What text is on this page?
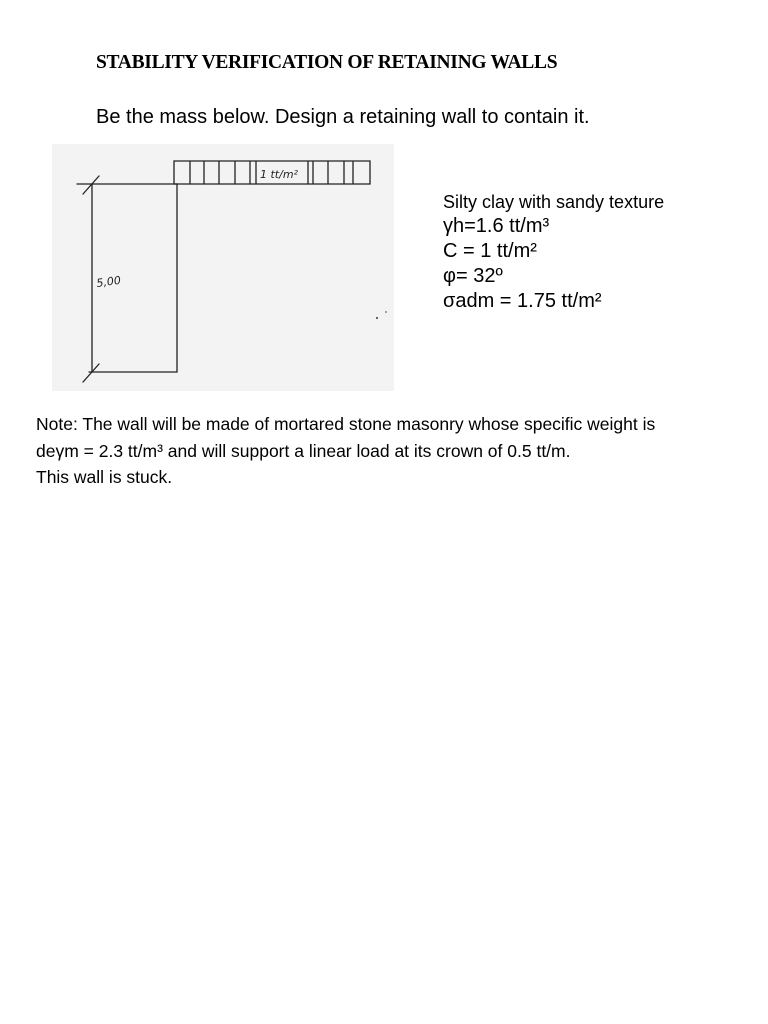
STABILITY VERIFICATION OF RETAINING WALLS
Be the mass below. Design a retaining wall to contain it.
1 tt/m²
5,00
Silty clay with sandy texture
γh=1.6 tt/m³
C = 1 tt/m²
φ= 32º
σadm = 1.75 tt/m²
Note: The wall will be made of mortared stone masonry whose specific weight is
deγm = 2.3 tt/m³ and will support a linear load at its crown of 0.5 tt/m.
This wall is stuck.
